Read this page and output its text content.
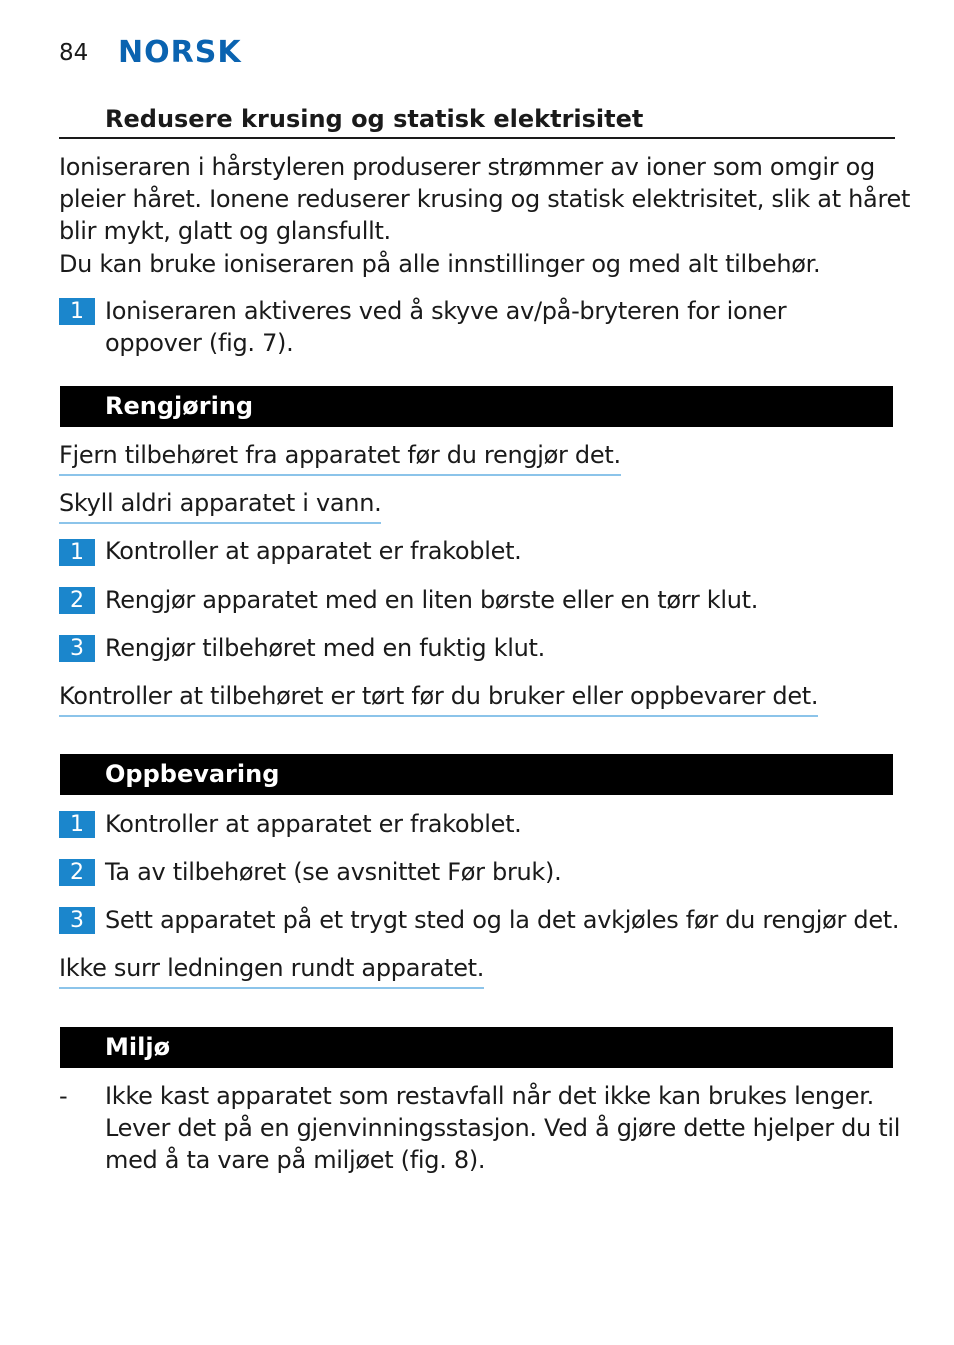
84 NORSK
Redusere krusing og statisk elektrisitet
Ioniseraren i hårstyleren produserer strømmer av ioner som omgir og
pleier håret. Ionene reduserer krusing og statisk elektrisitet, slik at håret
blir mykt, glatt og glansfullt.
Du kan bruke ioniseraren på alle innstillinger og med alt tilbehør.
1 Ioniseraren aktiveres ved å skyve av/på-bryteren for ioner
oppover (fig. 7).
Rengjøring
Fjern tilbehøret fra apparatet før du rengjør det.
Skyll aldri apparatet i vann.
1 Kontroller at apparatet er frakoblet.
2 Rengjør apparatet med en liten børste eller en tørr klut.
3 Rengjør tilbehøret med en fuktig klut.
Kontroller at tilbehøret er tørt før du bruker eller oppbevarer det.
Oppbevaring
1 Kontroller at apparatet er frakoblet.
2 Ta av tilbehøret (se avsnittet Før bruk).
3 Sett apparatet på et trygt sted og la det avkjøles før du rengjør det.
Ikke surr ledningen rundt apparatet.
Miljø
- Ikke kast apparatet som restavfall når det ikke kan brukes lenger.
Lever det på en gjenvinningsstasjon. Ved å gjøre dette hjelper du til
med å ta vare på miljøet (fig. 8).
